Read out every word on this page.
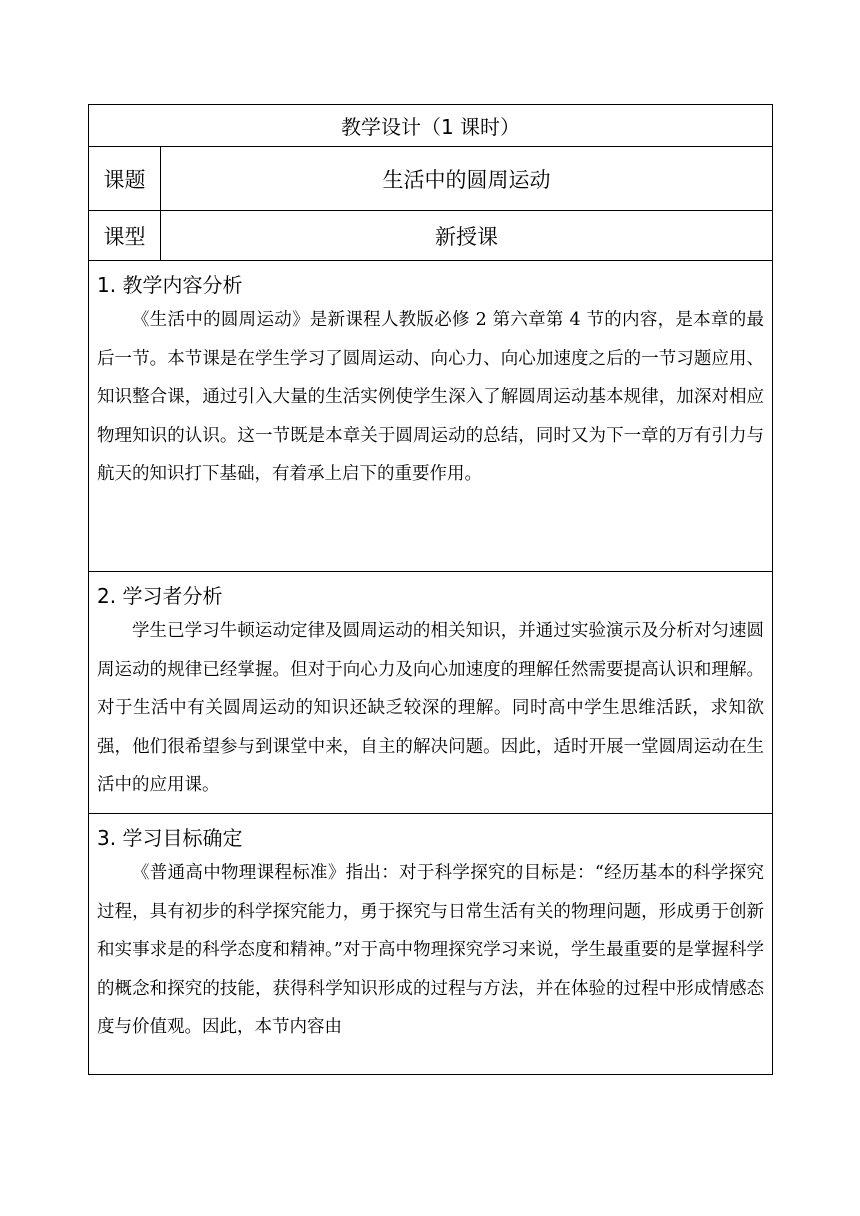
教学设计（1 课时）
课题	生活中的圆周运动
课型	新授课
1. 教学内容分析

《生活中的圆周运动》是新课程人教版必修 2 第六章第 4 节的内容，是本章的最后一节。本节课是在学生学习了圆周运动、向心力、向心加速度之后的一节习题应用、知识整合课，通过引入大量的生活实例使学生深入了解圆周运动基本规律，加深对相应物理知识的认识。这一节既是本章关于圆周运动的总结，同时又为下一章的万有引力与航天的知识打下基础，有着承上启下的重要作用。

2. 学习者分析

学生已学习牛顿运动定律及圆周运动的相关知识，并通过实验演示及分析对匀速圆周运动的规律已经掌握。但对于向心力及向心加速度的理解任然需要提高认识和理解。对于生活中有关圆周运动的知识还缺乏较深的理解。同时高中学生思维活跃，求知欲强，他们很希望参与到课堂中来，自主的解决问题。因此，适时开展一堂圆周运动在生活中的应用课。

3. 学习目标确定

《普通高中物理课程标准》指出：对于科学探究的目标是：“经历基本的科学探究过程，具有初步的科学探究能力，勇于探究与日常生活有关的物理问题，形成勇于创新和实事求是的科学态度和精神。”对于高中物理探究学习来说，学生最重要的是掌握科学的概念和探究的技能，获得科学知识形成的过程与方法，并在体验的过程中形成情感态度与价值观。因此，本节内容由
